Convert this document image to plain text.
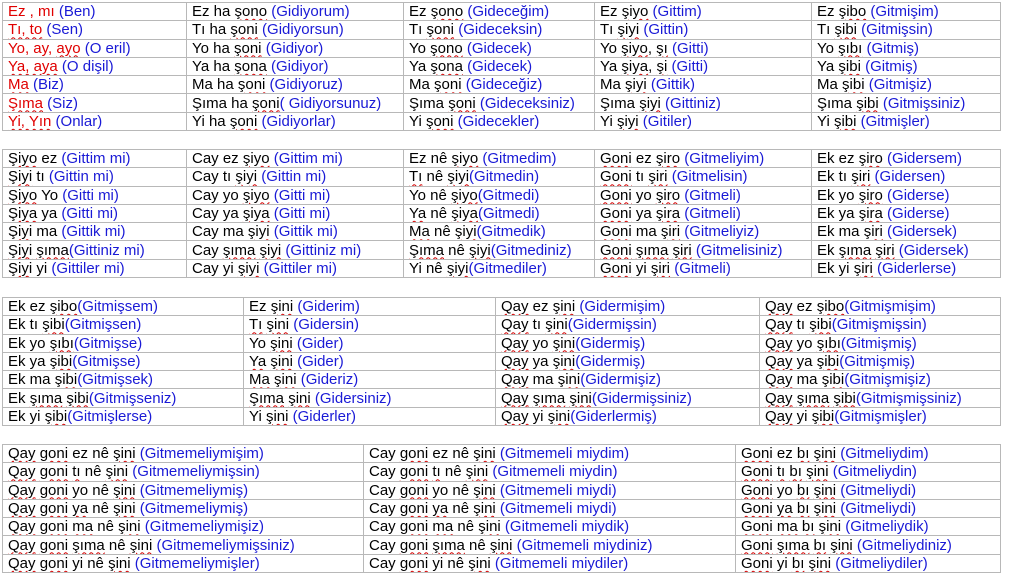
Ez , mı (Ben)	Ez ha şono (Gidiyorum)	Ez şono (Gideceğim)	Ez şiyo (Gittim)	Ez şibo (Gitmişim)
Tı, to (Sen)	Tı ha şoni (Gidiyorsun)	Tı şoni (Gideceksin)	Tı şiyi (Gittin)	Tı şibi (Gitmişsin)
Yo, ay, ayo (O eril)	Yo ha şoni (Gidiyor)	Yo şono (Gidecek)	Yo şiyo, şı (Gitti)	Yo şıbı (Gitmiş)
Ya, aya (O dişil)	Ya ha şona (Gidiyor)	Ya şona (Gidecek)	Ya şiya, şi (Gitti)	Ya şibi (Gitmiş)
Ma (Biz)	Ma ha şoni (Gidiyoruz)	Ma şoni (Gideceğiz)	Ma şiyi (Gittik)	Ma şibi (Gitmişiz)
Şıma (Siz)	Şıma ha şoni( Gidiyorsunuz)	Şıma şoni (Gideceksiniz)	Şıma şiyi (Gittiniz)	Şıma şibi (Gitmişsiniz)
Yi, Yın (Onlar)	Yi ha şoni (Gidiyorlar)	Yi şoni (Gidecekler)	Yi şiyi (Gitiler)	Yi şibi (Gitmişler)
Şiyo ez (Gittim mi)	Cay ez şiyo (Gittim mi)	Ez nê şiyo (Gitmedim)	Goni ez şiro (Gitmeliyim)	Ek ez şiro (Gidersem)
Şiyi tı (Gittin mi)	Cay tı şiyi (Gittin mi)	Tı nê şiyi(Gitmedin)	Goni tı şiri (Gitmelisin)	Ek tı şiri (Gidersen)
Şiyo Yo (Gitti mi)	Cay yo şiyo (Gitti mi)	Yo nê şiyo(Gitmedi)	Goni yo şiro (Gitmeli)	Ek yo şiro (Giderse)
Şiya ya (Gitti mi)	Cay ya şiya (Gitti mi)	Ya nê şiya(Gitmedi)	Goni ya şira (Gitmeli)	Ek ya şira (Giderse)
Şiyi ma (Gittik mi)	Cay ma şiyi (Gittik mi)	Ma nê şiyi(Gitmedik)	Goni ma şiri (Gitmeliyiz)	Ek ma şiri (Gidersek)
Şiyi şıma(Gittiniz mi)	Cay şıma şiyi (Gittiniz mi)	Şıma nê şiyi(Gitmediniz)	Goni şıma şiri (Gitmelisiniz)	Ek şıma şiri (Gidersek)
Şiyi yi (Gittiler mi)	Cay yi şiyi (Gittiler mi)	Yi nê şiyi(Gitmediler)	Goni yi şiri (Gitmeli)	Ek yi şiri (Giderlerse)
Ek ez şibo(Gitmişsem)	Ez şini (Giderim)	Qay ez şini (Gidermişim)	Qay ez şibo(Gitmişmişim)
Ek tı şibi(Gitmişsen)	Tı şini (Gidersin)	Qay tı şini(Gidermişsin)	Qay tı şibi(Gitmişmişsin)
Ek yo şıbı(Gitmişse)	Yo şini (Gider)	Qay yo şini(Gidermiş)	Qay yo şıbı(Gitmişmiş)
Ek ya şibi(Gitmişse)	Ya şini (Gider)	Qay ya şini(Gidermiş)	Qay ya şibi(Gitmişmiş)
Ek ma şibi(Gitmişsek)	Ma şini (Gideriz)	Qay ma şini(Gidermişiz)	Qay ma şibi(Gitmişmişiz)
Ek şıma şibi(Gitmişseniz)	Şıma şini (Gidersiniz)	Qay şıma şini(Gidermişsiniz)	Qay şıma şibi(Gitmişmişsiniz)
Ek yi şibi(Gitmişlerse)	Yi şini (Giderler)	Qay yi şini(Giderlermiş)	Qay yi şibi(Gitmişmişler)
Qay goni ez nê şini (Gitmemeliymişim)	Cay goni ez nê şini (Gitmemeli miydim)	Goni ez bı şini (Gitmeliydim)
Qay goni tı nê şini (Gitmemeliymişsin)	Cay goni tı nê şini (Gitmemeli miydin)	Goni tı bı şini (Gitmeliydin)
Qay goni yo nê şini (Gitmemeliymiş)	Cay goni yo nê şini (Gitmemeli miydi)	Goni yo bı şini (Gitmeliydi)
Qay goni ya nê şini (Gitmemeliymiş)	Cay goni ya nê şini (Gitmemeli miydi)	Goni ya bı şini (Gitmeliydi)
Qay goni ma nê şini (Gitmemeliymişiz)	Cay goni ma nê şini (Gitmemeli miydik)	Goni ma bı şini (Gitmeliydik)
Qay goni şıma nê şini (Gitmemeliymişsiniz)	Cay goni şıma nê şini (Gitmemeli miydiniz)	Goni şıma bı şini (Gitmeliydiniz)
Qay goni yi nê şini (Gitmemeliymişler)	Cay goni yi nê şini (Gitmemeli miydiler)	Goni yi bı şini (Gitmeliydiler)
